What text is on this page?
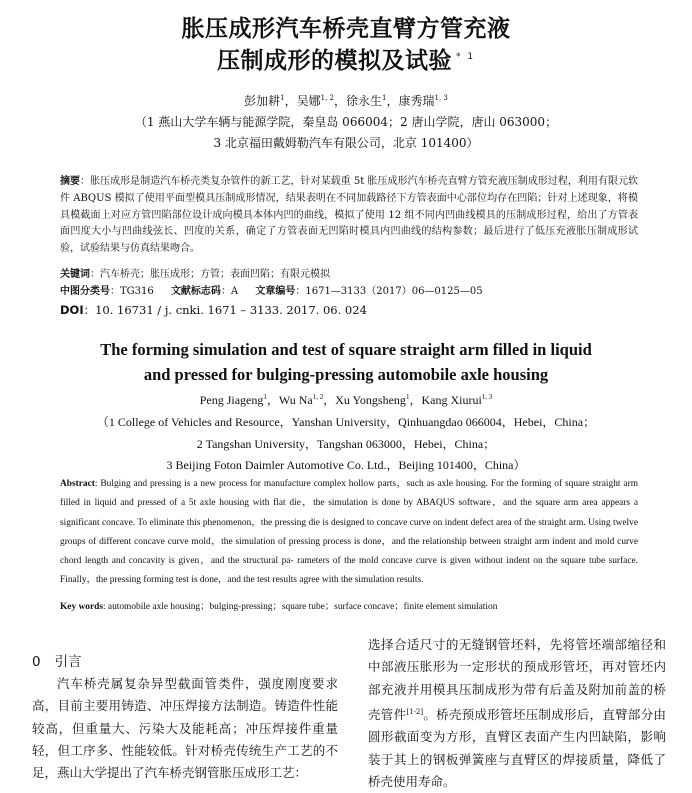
胀压成形汽车桥壳直臂方管充液
压制成形的模拟及试验 $^{* 1}$
彭加耕$^1$，吴娜$^{1, 2}$，徐永生$^1$，康秀瑞$^{1, 3}$
（1 燕山大学车辆与能源学院，秦皇岛 066004；2 唐山学院，唐山 063000；
3 北京福田戴姆勒汽车有限公司，北京 101400）
摘要：胀压成形是制造汽车桥壳类复杂管件的新工艺，针对某载重 5t 胀压成形汽车桥壳直臂方管充液压制成形过程，利用有限元软件 ABQUS 模拟了使用平面型模具压制成形情况，结果表明在不同加载路径下方管表面中心部位均存在凹陷；针对上述现象，将模具模截面上对应方管凹陷部位设计成向模具本体内凹的曲线，模拟了使用 12 组不同内凹曲线模具的压制成形过程，给出了方管表面凹度大小与凹曲线弦长、凹度的关系，确定了方管表面无凹陷时模具内凹曲线的结构参数；最后进行了低压充液胀压制成形试验，试验结果与仿真结果吻合。
关键词：汽车桥壳；胀压成形；方管；表面凹陷；有限元模拟
中图分类号：TG316 文献标志码：A 文章编号：1671—3133（2017）06—0125—05
DOI：10. 16731 / j. cnki. 1671 – 3133. 2017. 06. 024
The forming simulation and test of square straight arm filled in liquid
and pressed for bulging-pressing automobile axle housing
Peng Jiageng$^1$，Wu Na$^{1, 2}$，Xu Yongsheng$^1$，Kang Xiurui$^{1, 3}$
（1 College of Vehicles and Resource，Yanshan University，Qinhuangdao 066004，Hebei，China；
2 Tangshan University，Tangshan 063000，Hebei，China；
3 Beijing Foton Daimler Automotive Co. Ltd.，Beijing 101400，China）
Abstract: Bulging and pressing is a new process for manufacture complex hollow parts，such as axle housing. For the forming of square straight arm filled in liquid and pressed of a 5t axle housing with flat die，the simulation is done by ABAQUS software，and the square arm area appears a significant concave. To eliminate this phenomenon，the pressing die is designed to concave curve on indent defect area of the straight arm. Using twelve groups of different concave curve mold，the simulation of pressing process is done，and the relationship between straight arm indent and mold curve chord length and concavity is given，and the structural pa- rameters of the mold concave curve is given without indent on the square tube surface. Finally，the pressing forming test is done，and the test results agree with the simulation results.
Key words: automobile axle housing；bulging-pressing；square tube；surface concave；finite element simulation
0 引言
汽车桥壳属复杂异型截面管类件，强度刚度要求高，目前主要用铸造、冲压焊接方法制造。铸造件性能较高，但重量大、污染大及能耗高；冲压焊接件重量轻，但工序多、性能较低。针对桥壳传统生产工艺的不足，燕山大学提出了汽车桥壳钢管胀压成形工艺：
选择合适尺寸的无缝钢管坯料，先将管坯端部缩径和中部液压胀形为一定形状的预成形管坯，再对管坯内部充液并用模具压制成形为带有后盖及附加前盖的桥壳管件[1-2]。桥壳预成形管坯压制成形后，直臂部分由圆形截面变为方形，直臂区表面产生内凹缺陷，影响装于其上的钢板弹簧座与直臂区的焊接质量，降低了桥壳使用寿命。
